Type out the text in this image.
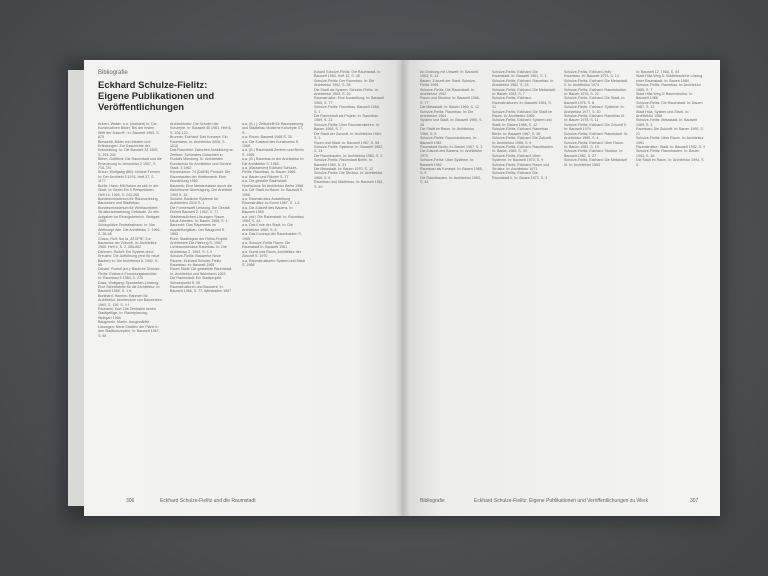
Bibliografie
Eckhard Schulze-Fielitz:
Eigene Publikationen und
Veröffentlichungen
Aribert, Walter: a.a. (markiert) In: Die Konstruktiven Bilder. Bei der ersten Welt der Zukunft“, In: Bauwelt 1965, S. 675
Biesseldt, Bilder von Idealen und Erfindungen: Zur Geschichte der Entwicklung. In: Die Bauwelt 33 1965, S. 294-204
Böhm, Gottfried: Die Raumstadt und die Erneuerung In: Anstruktur 2 1967, S. 716-720
Braun, Wolfgang (Bill): Urbane Formen In: Der Architekt 5 1976, Heft 37, S. 1177
Burtle, Hans: Mit Haken an sich in der Stadt. In: Berlin Ein 5 Perspektiven. Heft 14, 1965, S. 243-265
Bundesministerium für Raumordnung, Bauwesen und Städtebau: Bundesministerium für Weltraumfahrt: Strukturaumsetzung Gebäude. Zu den Aufgaben im Einzugsbereich. Stuttgart 1965
Schauplätze Zentralrathaus: In: Von Weltrumpf Alle. Die Architektur 2. 1963, S. 38-48
Chaux, Rolf: Sur la „ATOPIE“ Zur Bauweise der Zukunft. In: Architektur 1965. Heft 4, S. 2, 456-862
Dahmen, Rudolf: Ein System-ohne-Kreuzfor. Die Aufführung (erst für neue Bauten) In: Die Architektur 6. 1962, S. 65
Danzel, Rudolf (ed.): Bauliche Schulze-Fielitz: Eckhard: Forschungsberichte: In: Raumbau 5 1969, S. 275
Daza, Wolfgang: Spurweiten-Leistung: Eine Schnittstelle für die Architektur. In: Bauwelt 1965, S. 1 ff.
Burkhard, Hannes: Rahmen für Architektur. Architecture von Bauwerken 1960, S. 156, S. 4 f.
Paulstein, Kurt: Die Zentralen neuen Stadtgefüge. In: Raumplanung, Stuttgart 1968
Baugesetz, Martin: Ausgewählte Lösungen: Neue Straßen der Pläne in den Stadtkonzepten. In: Bauwelt 1967, S. 88
Architekturen: Die Schulen der Konzepte. In: Bauwelt 45 1963, Heft 6, S. 105-120
Brunner, Eckhard: Das Konzept: Ein Raumwerk. In: Architektur 2006, S. 1010
Das Raumbild: Zwischen Ausbildung an Zentren: Schönstes Gutachten in Rudolfs Mündung. In: Architekten Rundschau für Architektur und Schöne Stadt. 3 1962
Konstruktion: 74 (DARE) Produkt: Die Raumbauten der Wettbewerb. Eine Ausstellung 1966
Bauwerk: Eine Meisterklasse durch die Ästhetische Übertragung. Der Architekt 1963 S. 16
Schöne: Bauliche Systeme für Architekten 2010 S. 1
Die Formenwelt Leistung. Die Gestalt Einheit Bauwelt 2. 1962, S. 77
Städtebaulichen Lösungen: Raum. Neue Arbeiten. In: Bauen 1968, S. 1
Baurecht: Das Raumwerk im Ausstellungsbau. Der Baugrund S. 1963
Ruhr: Stadtregion der Fielitz-Projekt. Architekten Die Planung S. 1967
Lichtraumstruktur Raumbau. In: Die Architektur 2. 1963, S. 1-4
Schulze-Fielitz: Bauwerke Neue Räume. Eckhard Schulze-Fielitz Raumbau. In: Bauwelt 1965
Raum Stadt: Die gestaltete Raumstadt. In: Architektur und Wohnform 1963
Die Raumstadt: Ein Stadtprojekt. Schwerpunkt S. 55
Raumstrukturen und Bauwerk. In: Bauwelt 1966, S. 77, Wiesbaden 1967
a.a. (B.) (: Zeitschrift für Raumplanung und Städtebau Moderne Konzepte ST, S. ...
a.a. Raum: Bauwelt 1968 S. 35
a.a. Die Zustand des Kunstwerks S. 1968
a.a. (B.) Raumstadt Zentren und Berlin S. 1965
a.a. (B.) Raumbau in der Architektur In: Die Architektur S. 1963
a.a. (Bauwesen) Eckhard Schulze-Fielitz: Raumbau. In: Bauen 1969
a.a. Bauen und Räume S. 77
a.a. Die gestalte Raumstadt. Hochschule für Architektur Berlin 1968
a.a. Die Stadt im Raum. In: Bauwelt S. 1966
a.a. Raumstruktur Ausstellung Raumstruktur In: Kunst 1967, S. 1-3
a.a. Die Zukunft des Bauens. In: Bauwelt 1963
a.a. (ed.) Die Raumstadt. In: Raumbau 1964, S. 44
a.a. Das Ende der Stadt. In: Die Architektur 1960, S. 5
a.a. Das Konzept der Raumbauten S. 1965
a.a. Schulze-Fielitz Raum. Die Raumstadt In: Bauwelt 1961
a.a. Kunst und Raum, Architektur der Zukunft S. 1970
a.a. Raumstrukturen: System und Stadt S. 1968
Eckard Schulze-Fielitz: Die Raumstadt. In: Bauwelt 1963, Heft 12, S. 45
Schulze-Fielitz: Der Raumbau. In: Die Architektur 1962, S. 28
Die Stadt als System: Schulze-Fielitz. In: Architektur 1960, S. 10
Raumstruktur: Eine Ausstellung. In: Bauwelt 1965, S. 77
Schulze-Fielitz: Raumbau. Bauwelt 1966, S. 1
Die Raumstadt als Projekt. In: Raumbau 1969, S. 23
Schulze-Fielitz: Über Raumstrukturen. In: Bauen 1968, S. 7
Die Stadt der Zukunft. In: Architektur 1964, S. 3
Raum und Stadt. In: Bauwelt 1967, S. 55
Schulze-Fielitz: Systeme. In: Bauwelt 1962, S. 14
Die Raumbauten. In: Architektur 1963, S. 9
Schulze-Fielitz: Raumstadt Berlin. In: Bauwelt 1960, S. 31
Die Metastadt. In: Bauen 1970, S. 12
Schulze-Fielitz: Die Struktur. In: Architektur 1965, S. 6
Raumbau und Städtebau. In: Bauwelt 1961, S. 40
306	Eckhard Schulze-Fielitz und die Raumstadt
An Ordnung mit Umwelt: In: Bauwelt 1963, S. 14
Bauen: Zukunft der Stadt. Schulze-Fielitz 1965
Schulze-Fielitz: Die Raumstadt. In: Architektur 1962
Raum und Struktur: In: Bauwelt 1966, S. 77
Die Metastadt: In: Bauen 1969, S. 12
Schulze-Fielitz: Raumbau. In: Die Architektur 1964
System und Stadt. In: Bauwelt 1960, S. 28
Die Stadt im Raum. In: Architektur 1968, S. 5
Schulze-Fielitz: Raumstrukturen. In: Bauwelt 1961
Raumstadt Berlin. In: Bauen 1967, S. 3
Die Zukunft des Bauens. In: Architektur 1970
Schulze-Fielitz: Über Systeme. In: Bauwelt 1962
Raumbau als Konzept. In: Bauen 1965, S. 9
Die Raumbauten. In: Architektur 1963, S. 44
Schulze-Fielitz, Eckhard: Die Raumstadt. In: Bauwelt 1961, S. 1
Schulze-Fielitz, Eckhard: Raumbau. In: Architektur 1962, S. 23
Schulze-Fielitz, Eckhard: Die Metastadt. In: Bauen 1963, S. 7
Schulze-Fielitz, Eckhard: Raumstrukturen. In: Bauwelt 1964, S. 31
Schulze-Fielitz, Eckhard: Die Stadt im Raum. In: Architektur 1965
Schulze-Fielitz, Eckhard: System und Stadt. In: Bauen 1966, S. 12
Schulze-Fielitz, Eckhard: Raumbau Berlin. In: Bauwelt 1967, S. 55
Schulze-Fielitz, Eckhard: Die Zukunft. In: Architektur 1968, S. 6
Schulze-Fielitz, Eckhard: Raumbauten. In: Bauen 1969, S. 40
Schulze-Fielitz, Eckhard: Über Systeme. In: Bauwelt 1970, S. 9
Schulze-Fielitz, Eckhard: Raum und Struktur. In: Architektur 1971
Schulze-Fielitz, Eckhard: Die Raumstadt II. In: Bauen 1972, S. 3
Schulze-Fielitz, Eckhard (mit): Raumbau. In: Bauwelt 1973, S. 14
Schulze-Fielitz, Eckhard: Die Metastadt II. In: Architektur 1974
Schulze-Fielitz, Eckhard: Raumstruktur. In: Bauen 1975, S. 22
Schulze-Fielitz, Eckhard: Die Stadt. In: Bauwelt 1976, S. 8
Schulze-Fielitz, Eckhard: Systeme. In: Architektur 1977, S. 30
Schulze-Fielitz, Eckhard: Raumbau III. In: Bauen 1978, S. 11
Schulze-Fielitz, Eckhard: Die Zukunft II. In: Bauwelt 1979
Schulze-Fielitz, Eckhard: Raumstadt. In: Architektur 1980, S. 4
Schulze-Fielitz, Eckhard: Über Raum. In: Bauen 1981, S. 19
Schulze-Fielitz, Eckhard: Struktur. In: Bauwelt 1982, S. 27
Schulze-Fielitz, Eckhard: Die Metastadt III. In: Architektur 1983
In: Bauwelt 12. 1968, S. 44
Stadt Hilla Weg 5: Städtebauliche Lösung einer Raumstadt. In: Bauen 1984
Schulze-Fielitz: Raumbau. In: Architektur 1985, S. 7
Stadt Hilla Weg 3: Raumstruktur. In: Bauwelt 1986
Schulze-Fielitz: Die Raumstadt. In: Bauen 1987, S. 12
Stadt Hilla: System und Stadt. In: Architektur 1988
Schulze-Fielitz: Metastadt. In: Bauwelt 1989, S. 3
Raumbau: Die Zukunft. In: Bauen 1990, S. 21
Schulze-Fielitz: Über Raum. In: Architektur 1991
Raumstruktur: Stadt. In: Bauwelt 1992, S. 9
Schulze-Fielitz: Raumbauten. In: Bauen 1993, S. 16
Die Stadt im Raum. In: Architektur 1994, S. 5
Bibliografie	Eckhard Schulze-Fielitz: Eigene Publikationen und Veröffentlichungen zu Werk	307
